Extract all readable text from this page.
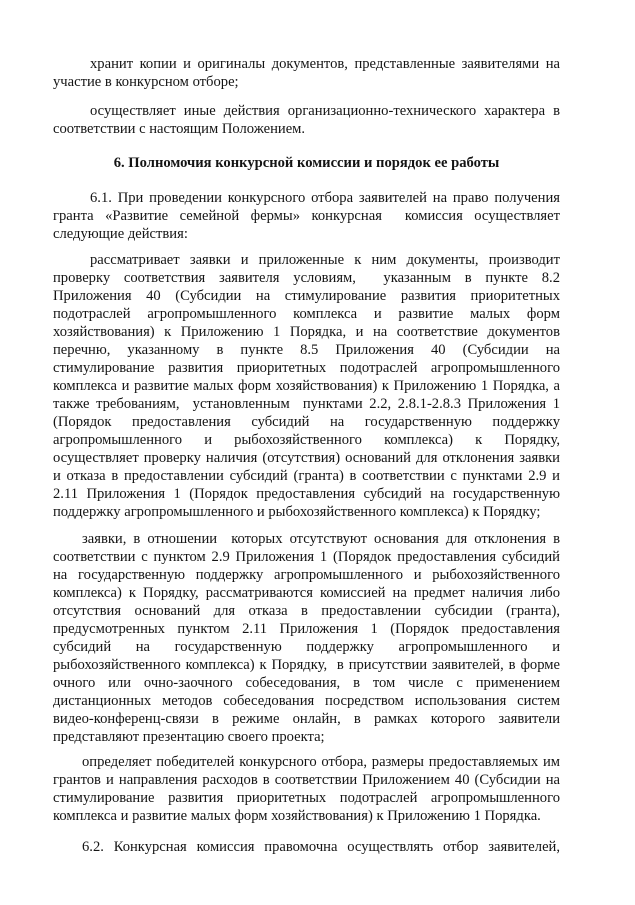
хранит копии и оригиналы документов, представленные заявителями на
участие в конкурсном отборе;
осуществляет иные действия организационно-технического характера в
соответствии с настоящим Положением.
6. Полномочия конкурсной комиссии и порядок ее работы
6.1. При проведении конкурсного отбора заявителей на право получения
гранта «Развитие семейной фермы» конкурсная  комиссия осуществляет
следующие действия:
рассматривает заявки и приложенные к ним документы, производит
проверку соответствия заявителя условиям,  указанным в пункте 8.2
Приложения 40 (Субсидии на стимулирование развития приоритетных
подотраслей агропромышленного комплекса и развитие малых форм
хозяйствования) к Приложению 1 Порядка, и на соответствие документов
перечню, указанному в пункте 8.5 Приложения 40 (Субсидии на
стимулирование развития приоритетных подотраслей агропромышленного
комплекса и развитие малых форм хозяйствования) к Приложению 1 Порядка, а
также требованиям,  установленным  пунктами 2.2, 2.8.1-2.8.3 Приложения 1
(Порядок предоставления субсидий на государственную поддержку
агропромышленного и рыбохозяйственного комплекса) к Порядку,
осуществляет проверку наличия (отсутствия) оснований для отклонения заявки
и отказа в предоставлении субсидий (гранта) в соответствии с пунктами 2.9 и
2.11 Приложения 1 (Порядок предоставления субсидий на государственную
поддержку агропромышленного и рыбохозяйственного комплекса) к Порядку;
заявки, в отношении  которых отсутствуют основания для отклонения в
соответствии с пунктом 2.9 Приложения 1 (Порядок предоставления субсидий
на государственную поддержку агропромышленного и рыбохозяйственного
комплекса) к Порядку, рассматриваются комиссией на предмет наличия либо
отсутствия оснований для отказа в предоставлении субсидии (гранта),
предусмотренных пунктом 2.11 Приложения 1 (Порядок предоставления
субсидий на государственную поддержку агропромышленного и
рыбохозяйственного комплекса) к Порядку,  в присутствии заявителей, в форме
очного или очно-заочного собеседования, в том числе с применением
дистанционных методов собеседования посредством использования систем
видео-конференц-связи в режиме онлайн, в рамках которого заявители
представляют презентацию своего проекта;
определяет победителей конкурсного отбора, размеры предоставляемых им
грантов и направления расходов в соответствии Приложением 40 (Субсидии на
стимулирование развития приоритетных подотраслей агропромышленного
комплекса и развитие малых форм хозяйствования) к Приложению 1 Порядка.
6.2. Конкурсная комиссия правомочна осуществлять отбор заявителей,
